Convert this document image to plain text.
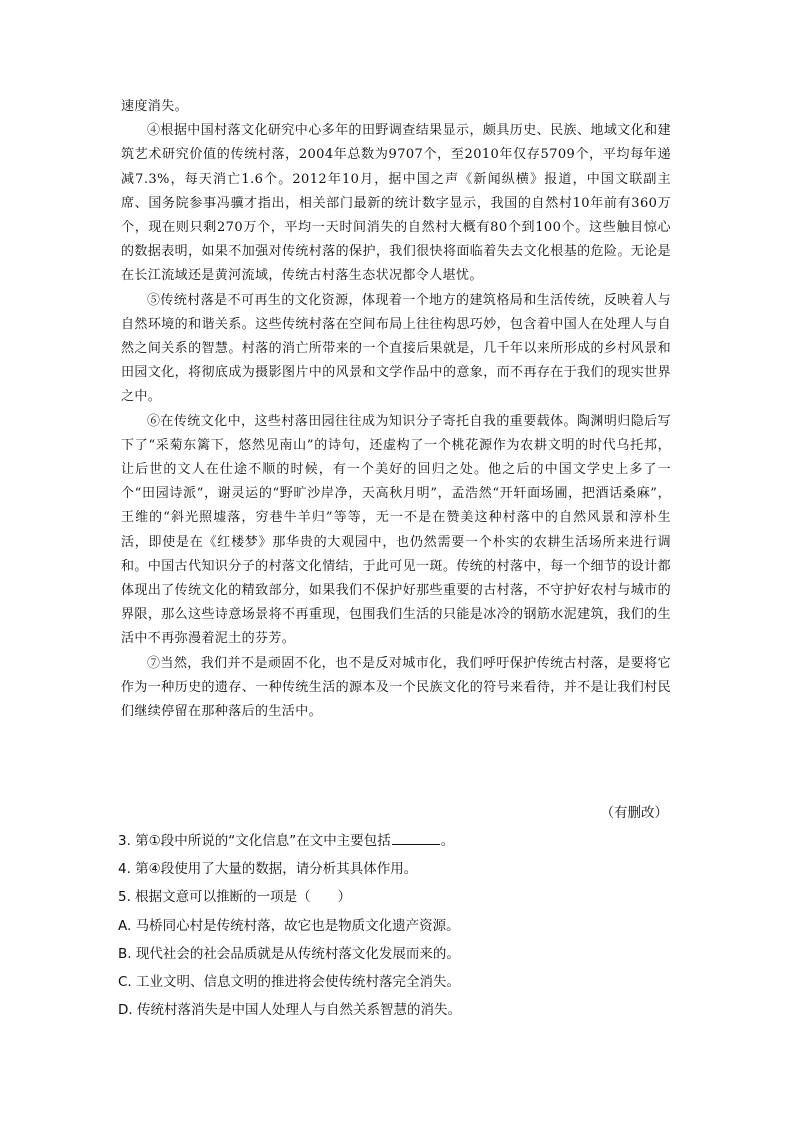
速度消失。

④根据中国村落文化研究中心多年的田野调查结果显示，颇具历史、民族、地域文化和建筑艺术研究价值的传统村落，2004年总数为9707个，至2010年仅存5709个，平均每年递减7.3%，每天消亡1.6个。2012年10月，据中国之声《新闻纵横》报道，中国文联副主席、国务院参事冯骥才指出，相关部门最新的统计数字显示，我国的自然村10年前有360万个，现在则只剩270万个，平均一天时间消失的自然村大概有80个到100个。这些触目惊心的数据表明，如果不加强对传统村落的保护，我们很快将面临着失去文化根基的危险。无论是在长江流域还是黄河流域，传统古村落生态状况都令人堪忧。

⑤传统村落是不可再生的文化资源，体现着一个地方的建筑格局和生活传统，反映着人与自然环境的和谐关系。这些传统村落在空间布局上往往构思巧妙，包含着中国人在处理人与自然之间关系的智慧。村落的消亡所带来的一个直接后果就是，几千年以来所形成的乡村风景和田园文化，将彻底成为摄影图片中的风景和文学作品中的意象，而不再存在于我们的现实世界之中。

⑥在传统文化中，这些村落田园往往成为知识分子寄托自我的重要载体。陶渊明归隐后写下了“采菊东篱下，悠然见南山”的诗句，还虚构了一个桃花源作为农耕文明的时代乌托邦，让后世的文人在仕途不顺的时候，有一个美好的回归之处。他之后的中国文学史上多了一个“田园诗派”，谢灵运的“野旷沙岸净，天高秋月明”，孟浩然“开轩面场圃，把酒话桑麻”，王维的“斜光照墟落，穷巷牛羊归”等等，无一不是在赞美这种村落中的自然风景和淳朴生活，即使是在《红楼梦》那华贵的大观园中，也仍然需要一个朴实的农耕生活场所来进行调和。中国古代知识分子的村落文化情结，于此可见一斑。传统的村落中，每一个细节的设计都体现出了传统文化的精致部分，如果我们不保护好那些重要的古村落，不守护好农村与城市的界限，那么这些诗意场景将不再重现，包围我们生活的只能是冰冷的钢筋水泥建筑，我们的生活中不再弥漫着泥土的芬芳。

⑦当然，我们并不是顽固不化，也不是反对城市化，我们呼吁保护传统古村落，是要将它作为一种历史的遗存、一种传统生活的源本及一个民族文化的符号来看待，并不是让我们村民们继续停留在那种落后的生活中。

（有删改）
3. 第①段中所说的“文化信息”在文中主要包括	。
4. 第④段使用了大量的数据，请分析其具体作用。
5. 根据文意可以推断的一项是（　　）
A. 马桥同心村是传统村落，故它也是物质文化遗产资源。
B. 现代社会的社会品质就是从传统村落文化发展而来的。
C. 工业文明、信息文明的推进将会使传统村落完全消失。
D. 传统村落消失是中国人处理人与自然关系智慧的消失。
